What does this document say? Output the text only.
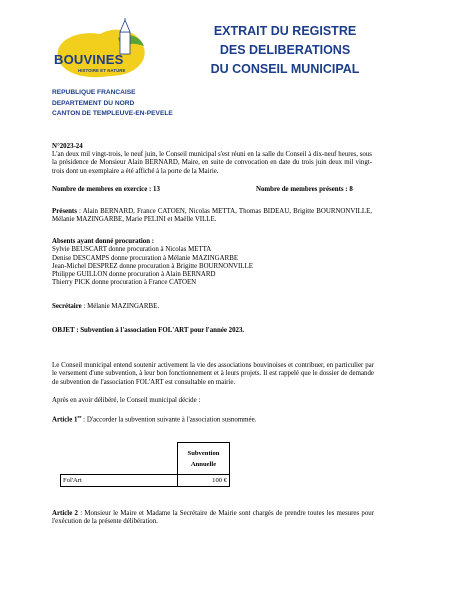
BOUVINES
HISTOIRE ET NATURE
EXTRAIT DU REGISTRE
DES DELIBERATIONS
DU CONSEIL MUNICIPAL
REPUBLIQUE FRANCAISE
DEPARTEMENT DU NORD
CANTON DE TEMPLEUVE-EN-PEVELE
N°2023-24
L'an deux mil vingt-trois, le neuf juin, le Conseil municipal s'est réuni en la salle du Conseil à dix-neuf heures, sous la présidence de Monsieur Alain BERNARD, Maire, en suite de convocation en date du trois juin deux mil vingt-trois dont un exemplaire a été affiché à la porte de la Mairie.
Nombre de membres en exercice : 13	Nombre de membres présents : 8
Présents : Alain BERNARD, France CATOEN, Nicolas METTA, Thomas BIDEAU, Brigitte BOURNONVILLE, Mélanie MAZINGARBE, Marie PELINI et Maëlle VILLE.
Absents ayant donné procuration :
Sylvie BEUSCART donne procuration à Nicolas METTA
Denise DESCAMPS donne procuration à Mélanie MAZINGARBE
Jean-Michel DESPREZ donne procuration à Brigitte BOURNONVILLE
Philippe GUILLON donne procuration à Alain BERNARD
Thierry PICK donne procuration à France CATOEN
Secrétaire : Mélanie MAZINGARBE.
OBJET : Subvention à l'association FOL'ART pour l'année 2023.
Le Conseil municipal entend soutenir activement la vie des associations bouvinoises et contribuer, en particulier par le versement d'une subvention, à leur bon fonctionnement et à leurs projets. Il est rappelé que le dossier de demande de subvention de l'association FOL'ART est consultable en mairie.
Après en avoir délibéré, le Conseil municipal décide :
Article 1er : D'accorder la subvention suivante à l'association susnommée.

	Subvention
Annuelle

Fol'Art	100 €
Article 2 : Monsieur le Maire et Madame la Secrétaire de Mairie sont chargés de prendre toutes les mesures pour l'exécution de la présente délibération.
